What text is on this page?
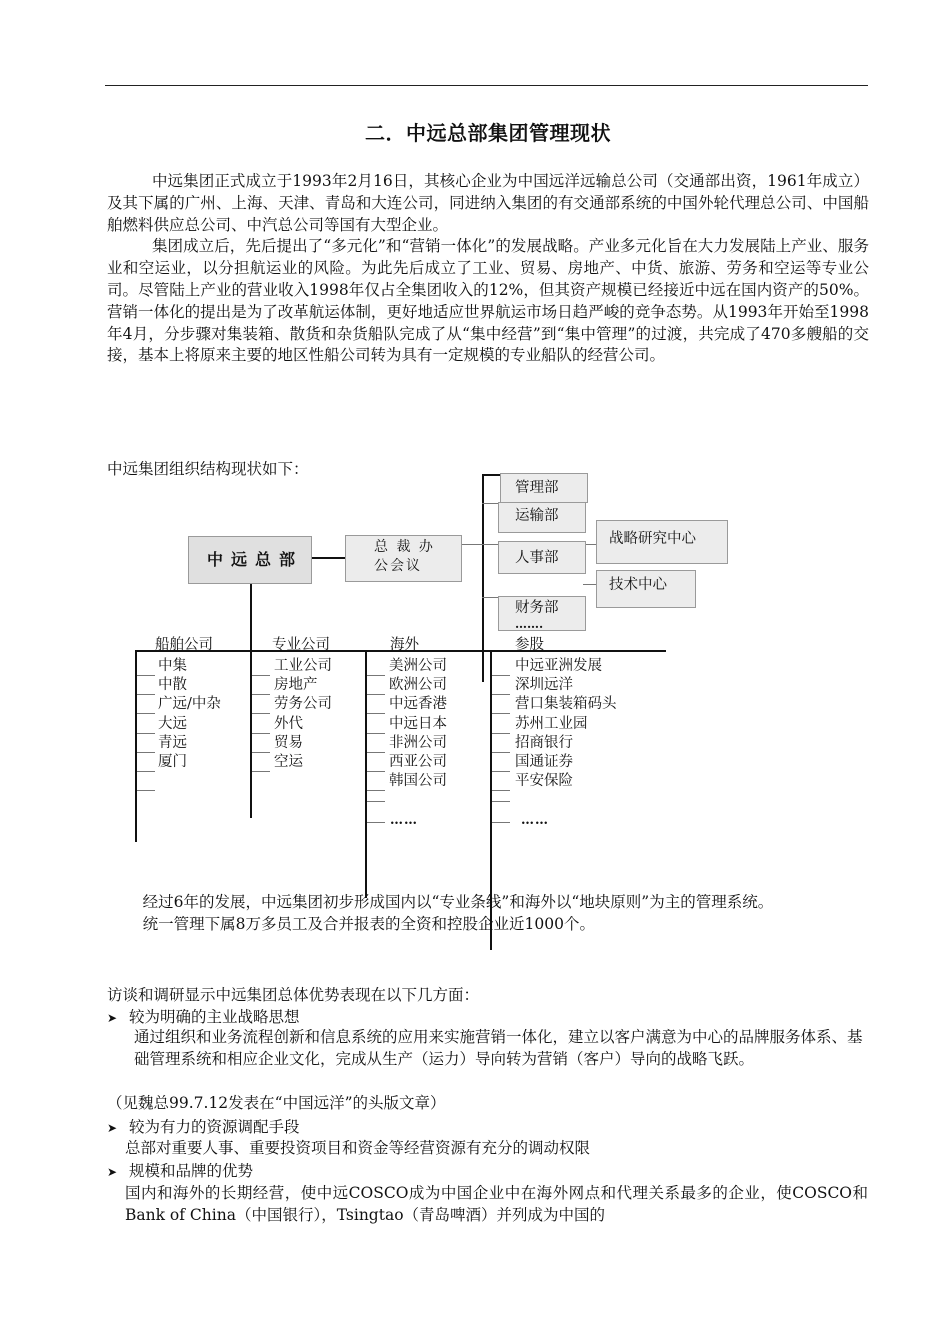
二．中远总部集团管理现状

中远集团正式成立于1993年2月16日，其核心企业为中国远洋远输总公司（交通部出资，1961年成立）及其下属的广州、上海、天津、青岛和大连公司，同进纳入集团的有交通部系统的中国外轮代理总公司、中国船舶燃料供应总公司、中汽总公司等国有大型企业。

集团成立后，先后提出了“多元化”和“营销一体化”的发展战略。产业多元化旨在大力发展陆上产业、服务业和空运业，以分担航运业的风险。为此先后成立了工业、贸易、房地产、中货、旅游、劳务和空运等专业公司。尽管陆上产业的营业收入1998年仅占全集团收入的12%，但其资产规模已经接近中远在国内资产的50%。营销一体化的提出是为了改革航运体制，更好地适应世界航运市场日趋严峻的竞争态势。从1993年开始至1998年4月，分步骤对集装箱、散货和杂货船队完成了从“集中经营”到“集中管理”的过渡，共完成了470多艘船的交接，基本上将原来主要的地区性船公司转为具有一定规模的专业船队的经营公司。

中远集团组织结构现状如下：
管理部
运输部
人事部
财务部
…….
战略研究中心
技术中心
中远总部
总 裁 办
公会议
船舶公司	专业公司	海外	参股
中集
中散
广远/中杂
大远
青远
厦门
工业公司
房地产
劳务公司
外代
贸易
空运
美洲公司
欧洲公司
中远香港
中远日本
非洲公司
西亚公司
韩国公司
……
中远亚洲发展
深圳远洋
营口集装箱码头
苏州工业园
招商银行
国通证券
平安保险
……

经过6年的发展，中远集团初步形成国内以“专业条线”和海外以“地块原则”为主的管理系统。

统一管理下属8万多员工及合并报表的全资和控股企业近1000个。

访谈和调研显示中远集团总体优势表现在以下几方面：
➤ 较为明确的主业战略思想
通过组织和业务流程创新和信息系统的应用来实施营销一体化，建立以客户满意为中心的品牌服务体系、基础管理系统和相应企业文化，完成从生产（运力）导向转为营销（客户）导向的战略飞跃。
（见魏总99.7.12发表在“中国远洋”的头版文章）
➤ 较为有力的资源调配手段
总部对重要人事、重要投资项目和资金等经营资源有充分的调动权限
➤ 规模和品牌的优势
国内和海外的长期经营，使中远COSCO成为中国企业中在海外网点和代理关系最多的企业，使COSCO和Bank of China（中国银行），Tsingtao（青岛啤酒）并列成为中国的
